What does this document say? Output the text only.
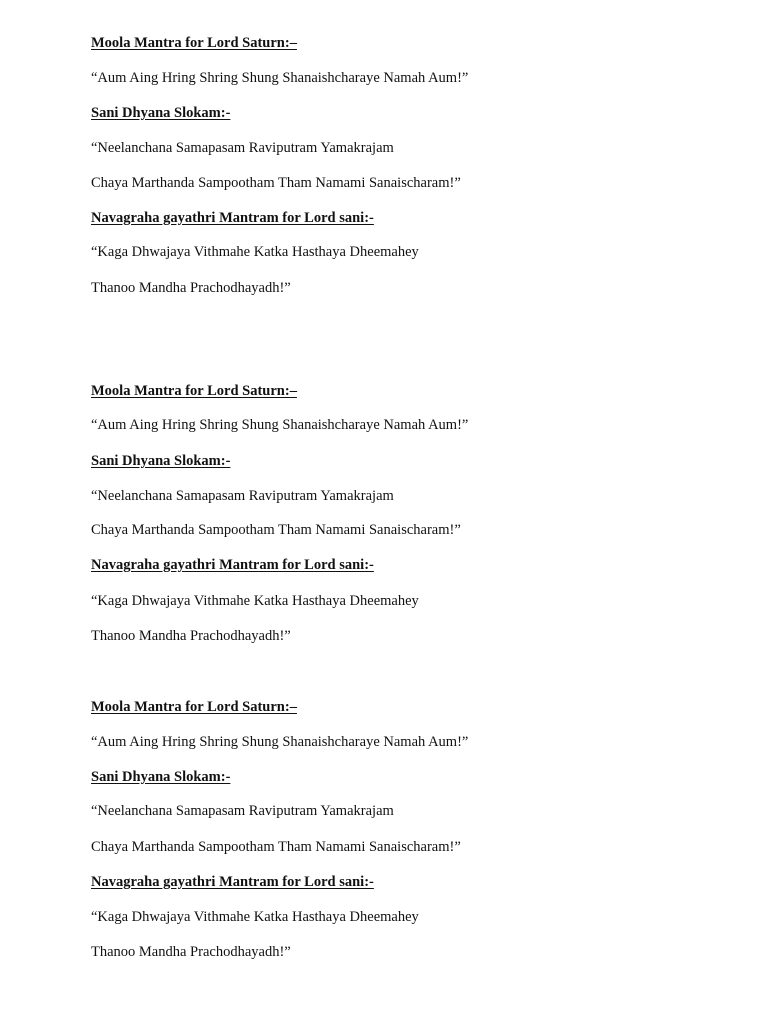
Moola Mantra for Lord Saturn:–
“Aum Aing Hring Shring Shung Shanaishcharaye Namah Aum!”
Sani Dhyana Slokam:-
“Neelanchana Samapasam Raviputram Yamakrajam
Chaya Marthanda Sampootham Tham Namami Sanaischaram!”
Navagraha gayathri Mantram for Lord sani:-
“Kaga Dhwajaya Vithmahe Katka Hasthaya Dheemahey
Thanoo Mandha Prachodhayadh!”
Moola Mantra for Lord Saturn:–
“Aum Aing Hring Shring Shung Shanaishcharaye Namah Aum!”
Sani Dhyana Slokam:-
“Neelanchana Samapasam Raviputram Yamakrajam
Chaya Marthanda Sampootham Tham Namami Sanaischaram!”
Navagraha gayathri Mantram for Lord sani:-
“Kaga Dhwajaya Vithmahe Katka Hasthaya Dheemahey
Thanoo Mandha Prachodhayadh!”
Moola Mantra for Lord Saturn:–
“Aum Aing Hring Shring Shung Shanaishcharaye Namah Aum!”
Sani Dhyana Slokam:-
“Neelanchana Samapasam Raviputram Yamakrajam
Chaya Marthanda Sampootham Tham Namami Sanaischaram!”
Navagraha gayathri Mantram for Lord sani:-
“Kaga Dhwajaya Vithmahe Katka Hasthaya Dheemahey
Thanoo Mandha Prachodhayadh!”
